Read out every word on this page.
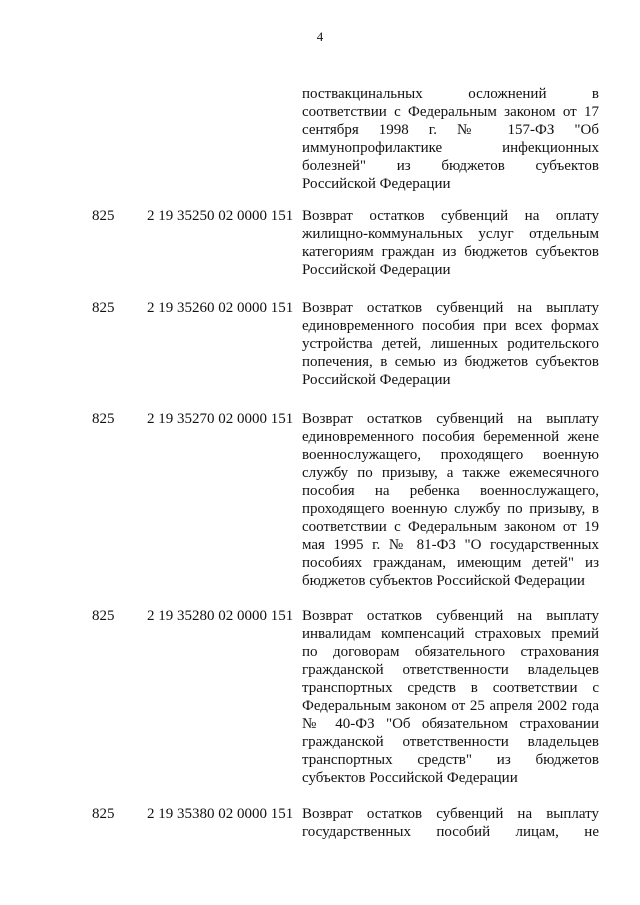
4
поствакцинальных осложнений в
соответствии с Федеральным законом от 17
сентября 1998 г. № 157-ФЗ "Об
иммунопрофилактике инфекционных
болезней" из бюджетов субъектов
Российской Федерации
825 2 19 35250 02 0000 151 Возврат остатков субвенций на оплату
жилищно-коммунальных услуг отдельным
категориям граждан из бюджетов субъектов
Российской Федерации
825 2 19 35260 02 0000 151 Возврат остатков субвенций на выплату
единовременного пособия при всех формах
устройства детей, лишенных родительского
попечения, в семью из бюджетов субъектов
Российской Федерации
825 2 19 35270 02 0000 151 Возврат остатков субвенций на выплату
единовременного пособия беременной жене
военнослужащего, проходящего военную
службу по призыву, а также ежемесячного
пособия на ребенка военнослужащего,
проходящего военную службу по призыву, в
соответствии с Федеральным законом от 19
мая 1995 г. № 81-ФЗ "О государственных
пособиях гражданам, имеющим детей" из
бюджетов субъектов Российской Федерации
825 2 19 35280 02 0000 151 Возврат остатков субвенций на выплату
инвалидам компенсаций страховых премий
по договорам обязательного страхования
гражданской ответственности владельцев
транспортных средств в соответствии с
Федеральным законом от 25 апреля 2002 года
№ 40-ФЗ "Об обязательном страховании
гражданской ответственности владельцев
транспортных средств" из бюджетов
субъектов Российской Федерации
825 2 19 35380 02 0000 151 Возврат остатков субвенций на выплату
государственных пособий лицам, не
